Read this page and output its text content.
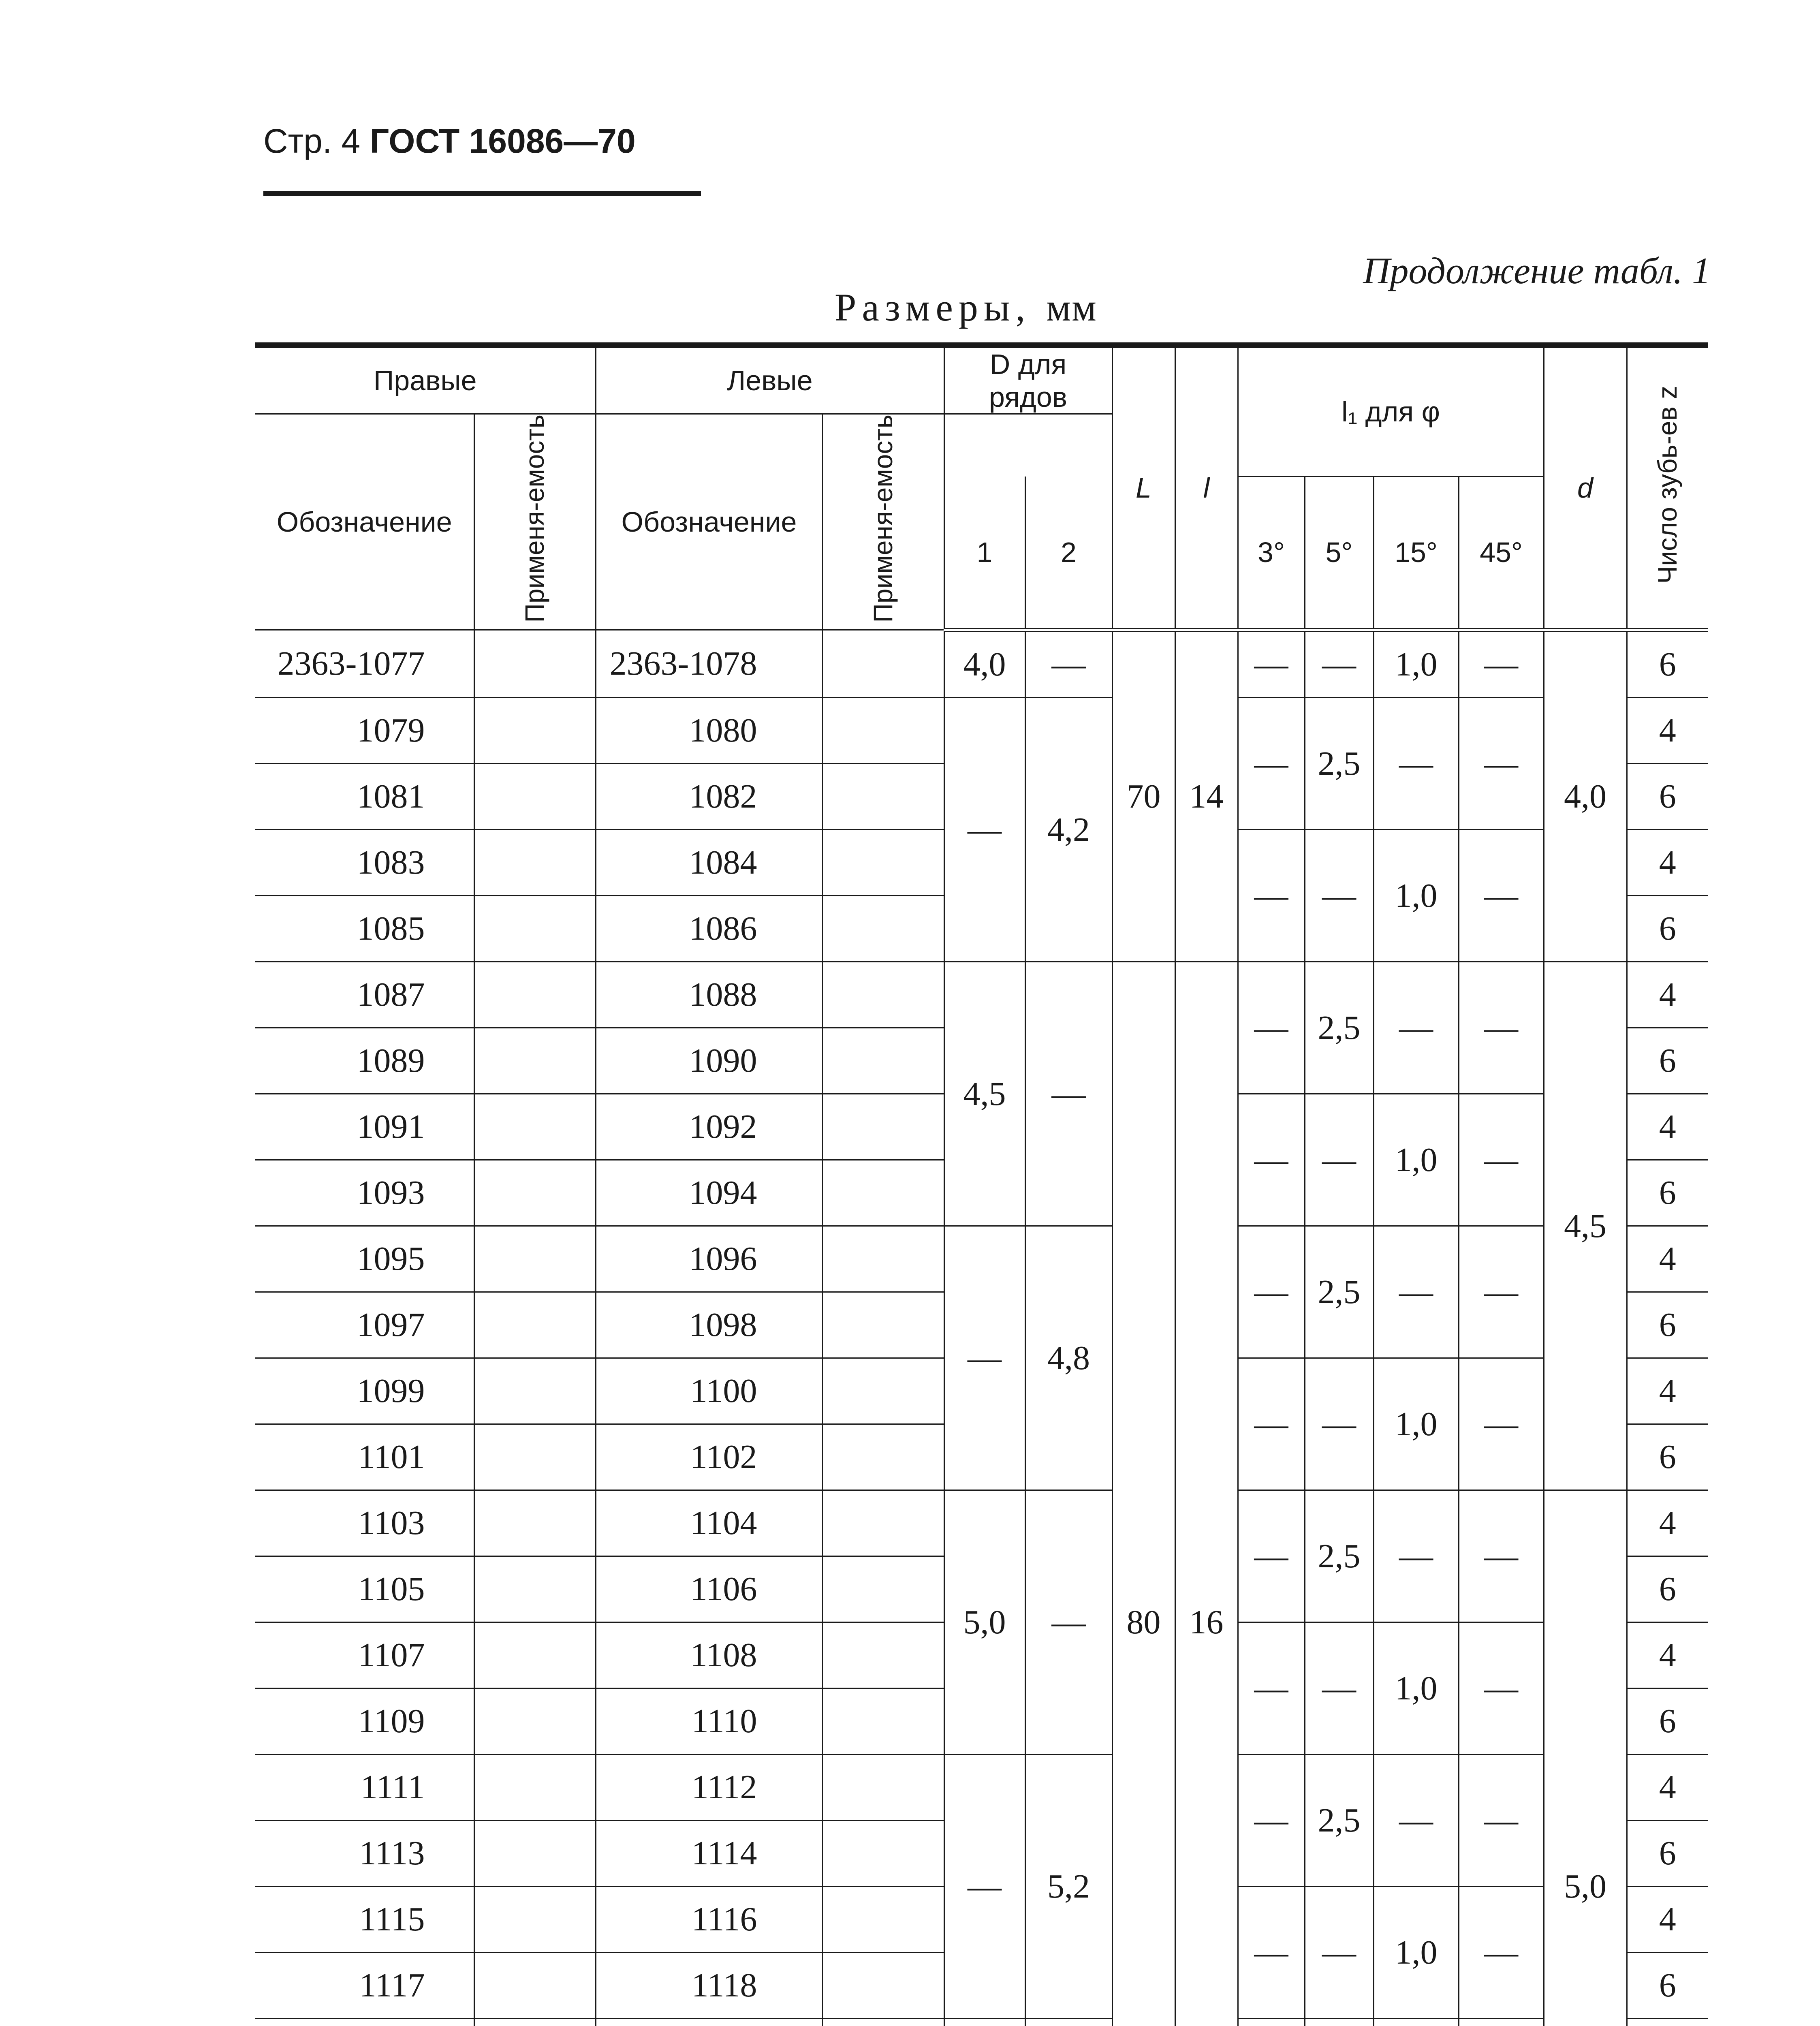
Стр. 4 ГОСТ 16086—70
Продолжение табл. 1
Размеры, мм
Правые		Левые		D для рядов		L	l	l₁ для φ				d	Число зубь-ев z
Обозначение	Применя-емость	Обозначение	Применя-емость										
				1	2			3°	5°	15°	45°		
2363-1077		2363-1078		4,0	—	70	14	—	—	1,0	—	4,0	6
1079		1080		—	4,2			—	2,5	—	—		4
1081		1082											6
1083		1084						—	—	1,0	—		4
1085		1086											6
1087		1088		4,5	—	80	16	—	2,5	—	—	4,5	4
1089		1090											6
1091		1092						—	—	1,0	—		4
1093		1094											6
1095		1096		—	4,8			—	2,5	—	—		4
1097		1098											6
1099		1100						—	—	1,0	—		4
1101		1102											6
1103		1104		5,0	—			—	2,5	—	—	5,0	4
1105		1106											6
1107		1108						—	—	1,0	—		4
1109		1110											6
1111		1112		—	5,2			—	2,5	—	—		4
1113		1114											6
1115		1116						—	—	1,0	—		4
1117		1118											6
